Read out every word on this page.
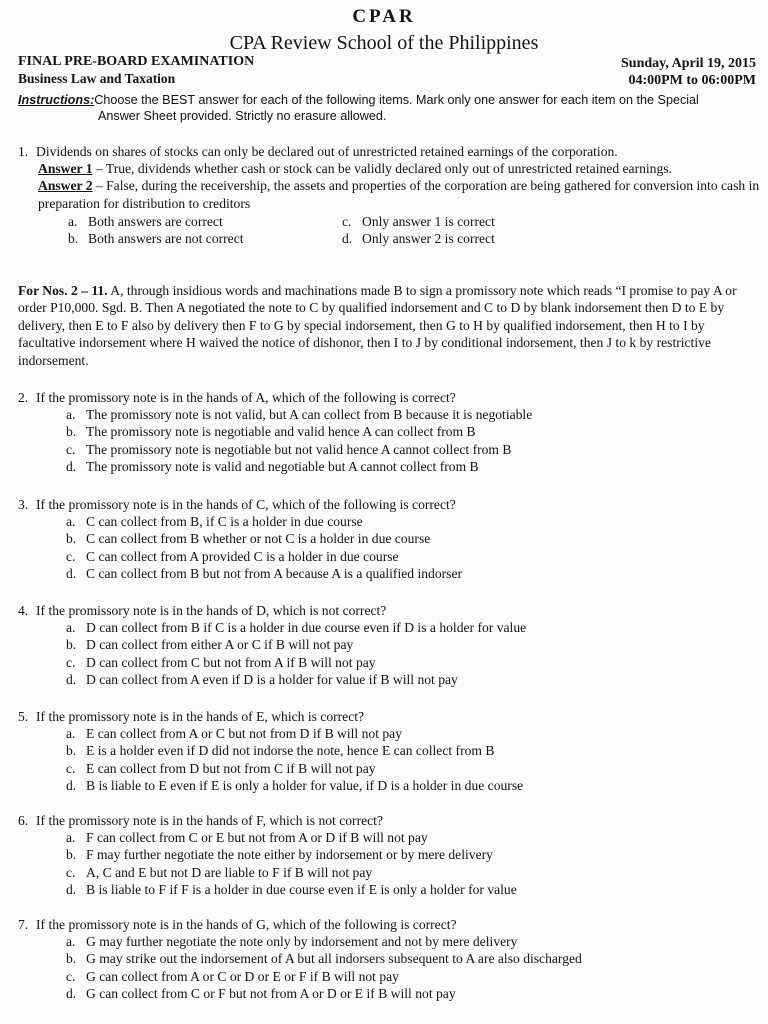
CPAR
CPA Review School of the Philippines
FINAL PRE-BOARD EXAMINATION
Business Law and Taxation
Sunday, April 19, 2015
04:00PM to 06:00PM
Instructions:Choose the BEST answer for each of the following items. Mark only one answer for each item on the Special
Answer Sheet provided. Strictly no erasure allowed.
1. Dividends on shares of stocks can only be declared out of unrestricted retained earnings of the corporation.
Answer 1 – True, dividends whether cash or stock can be validly declared only out of unrestricted retained earnings.
Answer 2 – False, during the receivership, the assets and properties of the corporation are being gathered for conversion into cash in preparation for distribution to creditors
a. Both answers are correct	c. Only answer 1 is correct
b. Both answers are not correct	d. Only answer 2 is correct
For Nos. 2 – 11. A, through insidious words and machinations made B to sign a promissory note which reads “I promise to pay A or order P10,000. Sgd. B. Then A negotiated the note to C by qualified indorsement and C to D by blank indorsement then D to E by delivery, then E to F also by delivery then F to G by special indorsement, then G to H by qualified indorsement, then H to I by facultative indorsement where H waived the notice of dishonor, then I to J by conditional indorsement, then J to k by restrictive indorsement.
2. If the promissory note is in the hands of A, which of the following is correct?
a. The promissory note is not valid, but A can collect from B because it is negotiable
b. The promissory note is negotiable and valid hence A can collect from B
c. The promissory note is negotiable but not valid hence A cannot collect from B
d. The promissory note is valid and negotiable but A cannot collect from B
3. If the promissory note is in the hands of C, which of the following is correct?
a. C can collect from B, if C is a holder in due course
b. C can collect from B whether or not C is a holder in due course
c. C can collect from A provided C is a holder in due course
d. C can collect from B but not from A because A is a qualified indorser
4. If the promissory note is in the hands of D, which is not correct?
a. D can collect from B if C is a holder in due course even if D is a holder for value
b. D can collect from either A or C if B will not pay
c. D can collect from C but not from A if B will not pay
d. D can collect from A even if D is a holder for value if B will not pay
5. If the promissory note is in the hands of E, which is correct?
a. E can collect from A or C but not from D if B will not pay
b. E is a holder even if D did not indorse the note, hence E can collect from B
c. E can collect from D but not from C if B will not pay
d. B is liable to E even if E is only a holder for value, if D is a holder in due course
6. If the promissory note is in the hands of F, which is not correct?
a. F can collect from C or E but not from A or D if B will not pay
b. F may further negotiate the note either by indorsement or by mere delivery
c. A, C and E but not D are liable to F if B will not pay
d. B is liable to F if F is a holder in due course even if E is only a holder for value
7. If the promissory note is in the hands of G, which of the following is correct?
a. G may further negotiate the note only by indorsement and not by mere delivery
b. G may strike out the indorsement of A but all indorsers subsequent to A are also discharged
c. G can collect from A or C or D or E or F if B will not pay
d. G can collect from C or F but not from A or D or E if B will not pay
